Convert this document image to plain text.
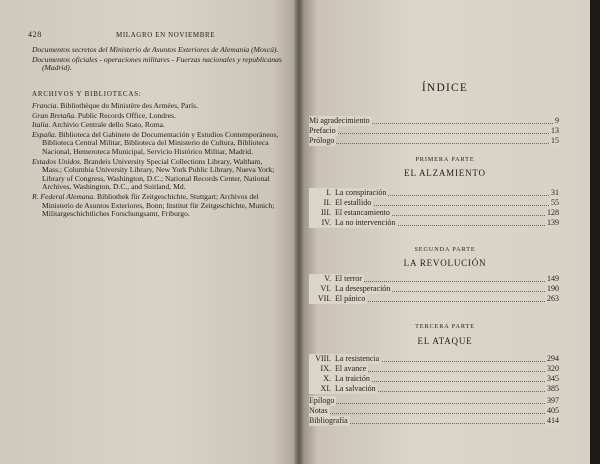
428	MILAGRO EN NOVIEMBRE

Documentos secretos del Ministerio de Asuntos Exteriores de Alemania (Moscú).

Documentos oficiales - operaciones militares - Fuerzas nacionales y republicanas (Madrid).

ARCHIVOS Y BIBLIOTECAS:

Francia. Bibliothèque du Ministère des Armées, París.

Gran Bretaña. Public Records Office, Londres.

Italia. Archivio Centrale dello Stato, Roma.

España. Biblioteca del Gabinete de Documentación y Estudios Contemporáneos, Biblioteca Central Militar, Biblioteca del Ministerio de Cultura, Biblioteca Nacional, Hemeroteca Municipal, Servicio Histórico Militar, Madrid.

Estados Unidos. Brandeis University Special Collections Library, Waltham, Mass.; Columbia University Library, New York Public Library, Nueva York; Library of Congress, Washington, D.C.; National Records Center, National Archives, Washington, D.C., and Suitland, Md.

R. Federal Alemana. Bibliothek für Zeitgeschichte, Stuttgart; Archivos del Ministerio de Asuntos Exteriores, Bonn; Institut für Zeitgeschichte, Munich; Militargeschichtliches Forschungsamt, Friburgo.

ÍNDICE
Mi agradecimiento	9
Prefacio	13
Prólogo	15
PRIMERA PARTE
EL ALZAMIENTO
I. La conspiración	31
II. El estallido	55
III. El estancamiento	128
IV. La no intervención	139
SEGUNDA PARTE
LA REVOLUCIÓN
V. El terror	149
VI. La desesperación	190
VII. El pánico	263
TERCERA PARTE
EL ATAQUE
VIII. La resistencia	294
IX. El avance	320
X. La traición	345
XI. La salvación	385
Epílogo	397
Notas	405
Bibliografía	414
